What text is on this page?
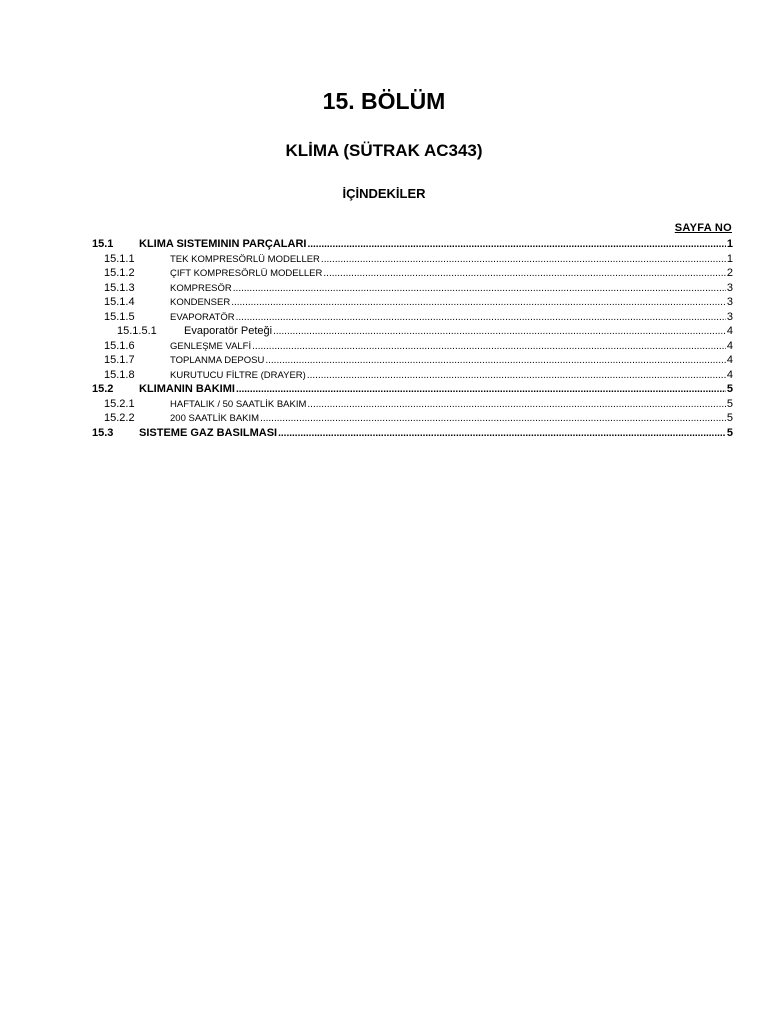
15. BÖLÜM
KLİMA (SÜTRAK AC343)
İÇİNDEKİLER
SAYFA NO
15.1	KLIMA SISTEMININ PARÇALARI .....	1
15.1.1	TEK KOMPRESÖRLÜ MODELLER .....	1
15.1.2	ÇIFT KOMPRESÖRLÜ MODELLER .....	2
15.1.3	KOMPRESÖR .....	3
15.1.4	KONDENSER .....	3
15.1.5	EVAPORATÖR .....	3
15.1.5.1	Evaporatör Peteği .....	4
15.1.6	GENLEŞME VALFİ .....	4
15.1.7	TOPLANMA DEPOSU .....	4
15.1.8	KURUTUCU FİLTRE (DRAYER) .....	4
15.2	KLIMANIN BAKIMI .....	5
15.2.1	HAFTALIK / 50 SAATLİK BAKIM .....	5
15.2.2	200 SAATLİK BAKIM .....	5
15.3	SISTEME GAZ BASILMASI .....	5
